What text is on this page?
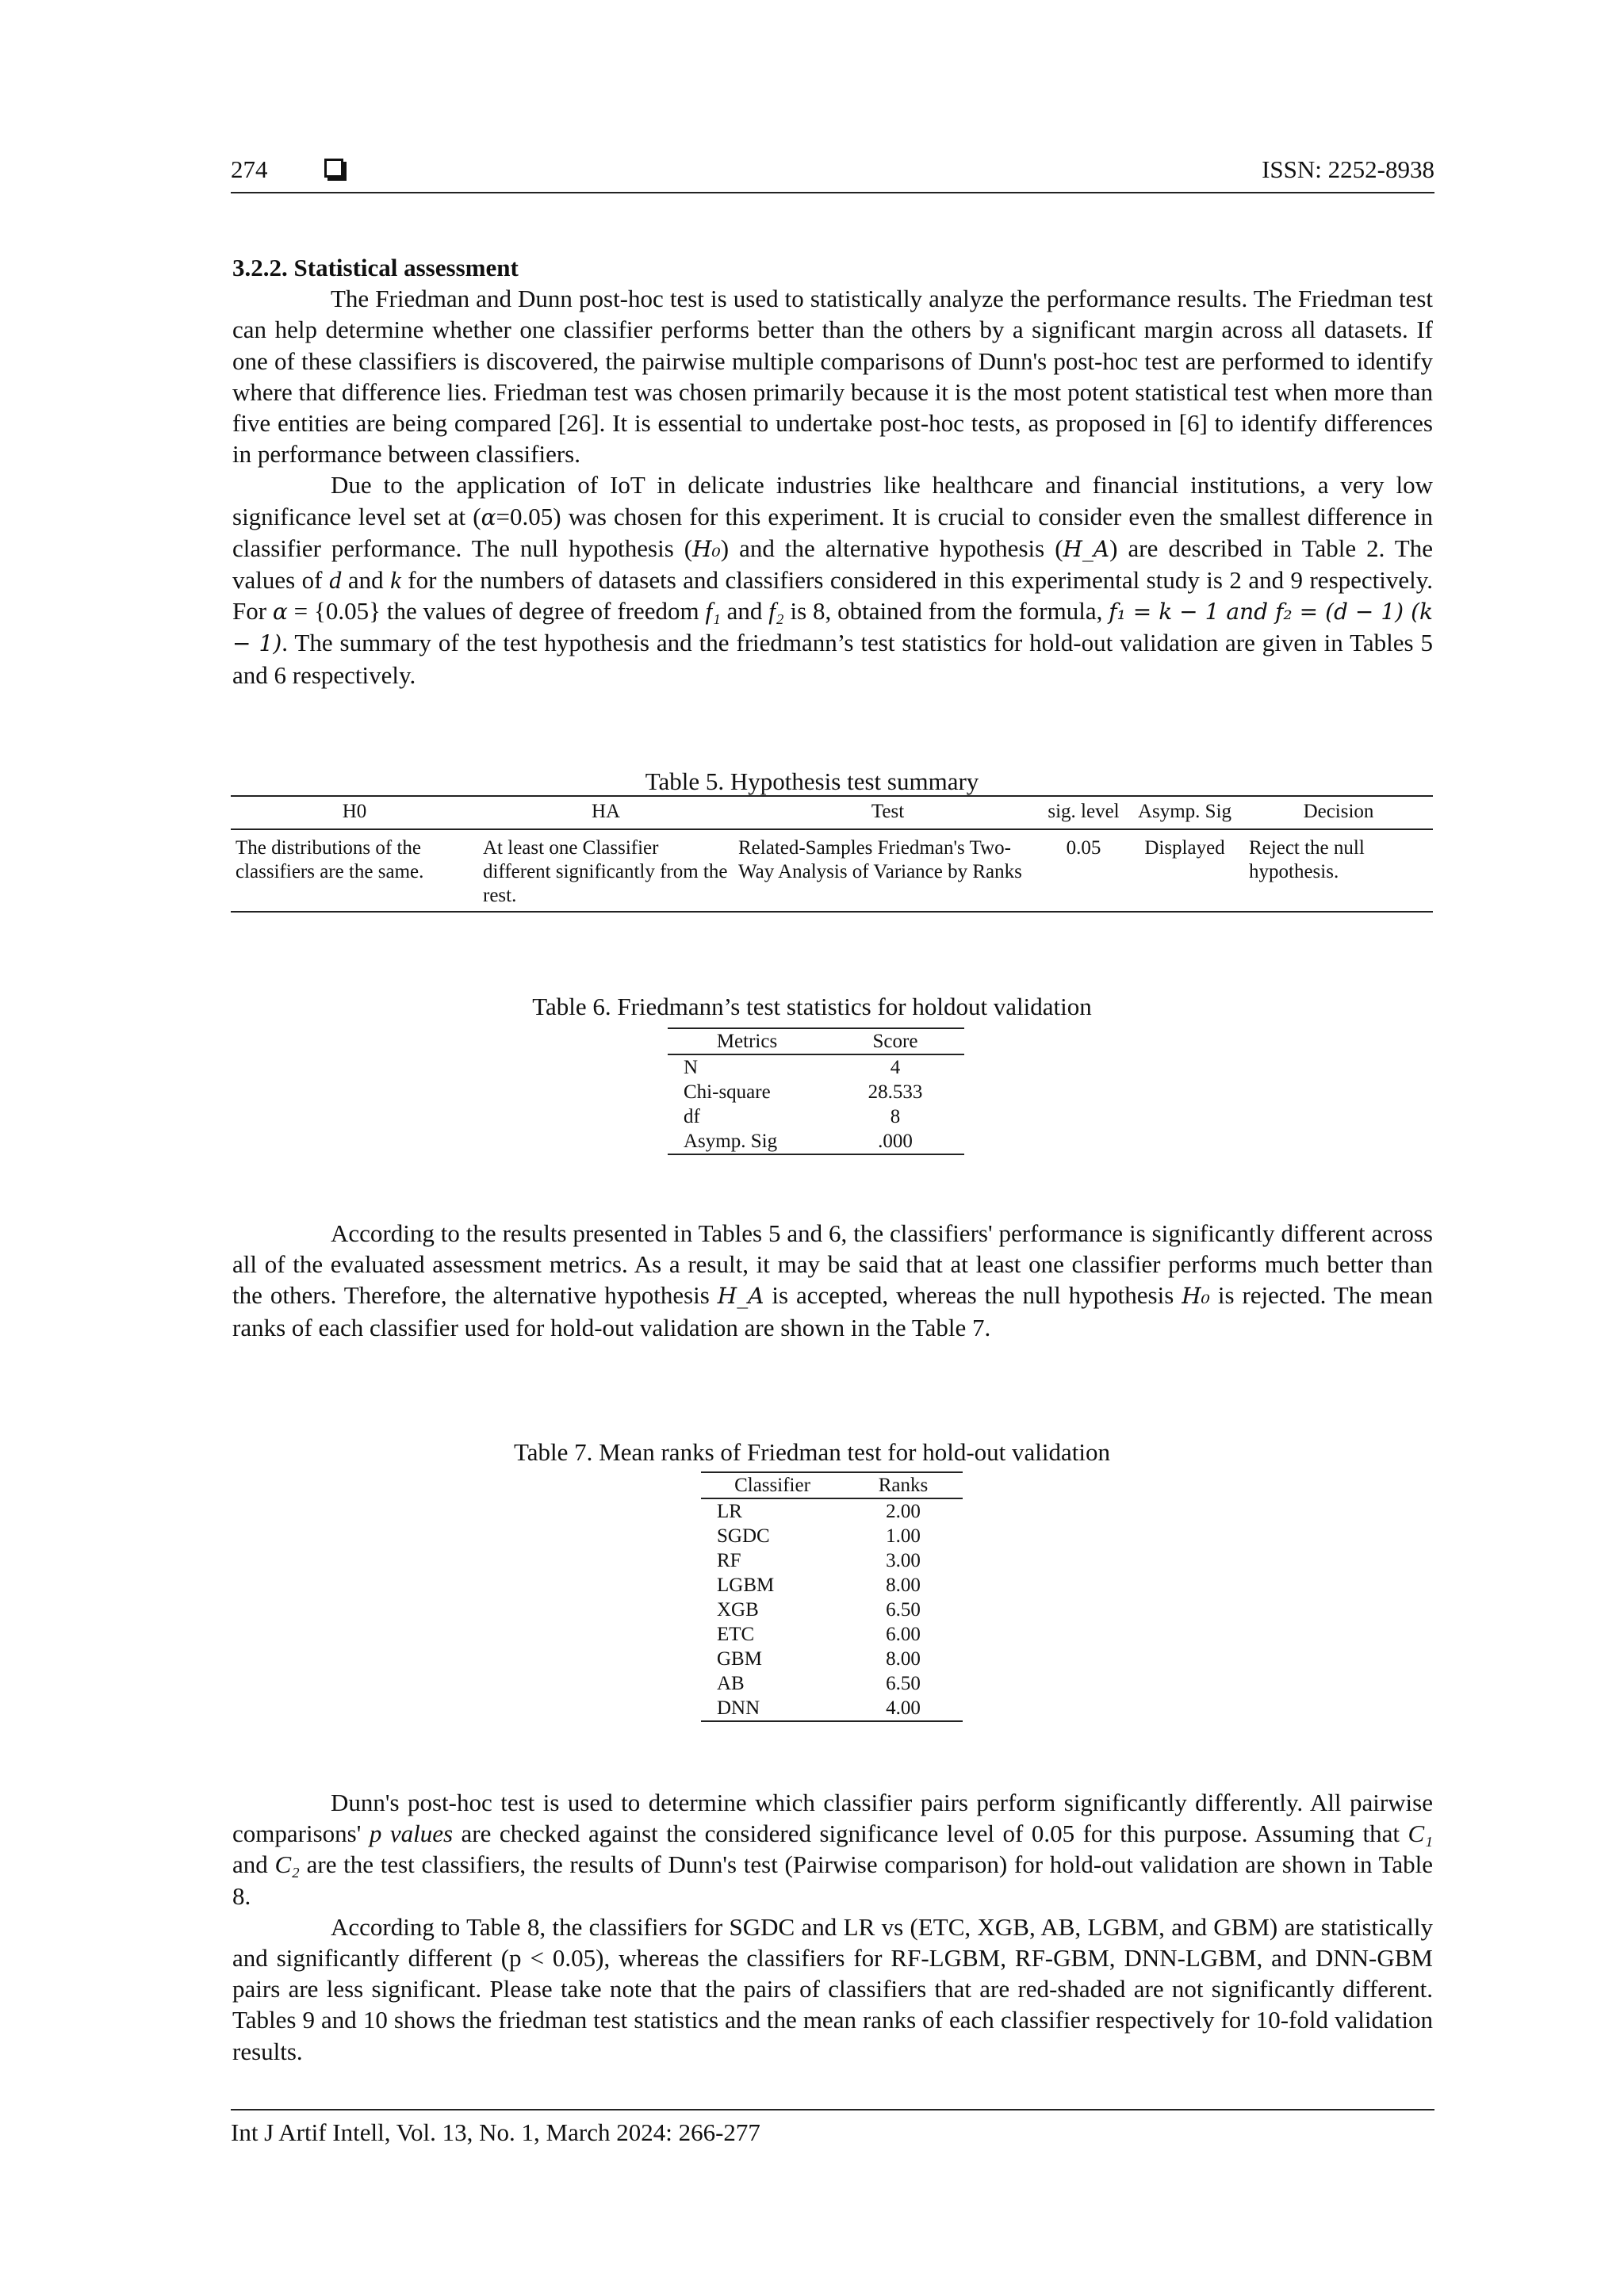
274	ISSN: 2252-8938

3.2.2. Statistical assessment

The Friedman and Dunn post-hoc test is used to statistically analyze the performance results. The Friedman test can help determine whether one classifier performs better than the others by a significant margin across all datasets. If one of these classifiers is discovered, the pairwise multiple comparisons of Dunn's post-hoc test are performed to identify where that difference lies. Friedman test was chosen primarily because it is the most potent statistical test when more than five entities are being compared [26]. It is essential to undertake post-hoc tests, as proposed in [6] to identify differences in performance between classifiers.

Due to the application of IoT in delicate industries like healthcare and financial institutions, a very low significance level set at (α=0.05) was chosen for this experiment. It is crucial to consider even the smallest difference in classifier performance. The null hypothesis (H₀) and the alternative hypothesis (H_A) are described in Table 2. The values of d and k for the numbers of datasets and classifiers considered in this experimental study is 2 and 9 respectively. For α = {0.05} the values of degree of freedom f₁ and f₂ is 8, obtained from the formula, f₁ = k − 1 and f₂ = (d − 1) (k − 1). The summary of the test hypothesis and the friedmann’s test statistics for hold-out validation are given in Tables 5 and 6 respectively.

Table 5. Hypothesis test summary
H0	HA	Test	sig. level	Asymp. Sig	Decision
The distributions of the classifiers are the same.	At least one Classifier different significantly from the rest.	Related-Samples Friedman's Two-Way Analysis of Variance by Ranks	0.05	Displayed	Reject the null hypothesis.
Table 6. Friedmann’s test statistics for holdout validation
Metrics	Score
N	4
Chi-square	28.533
df	8
Asymp. Sig	.000

According to the results presented in Tables 5 and 6, the classifiers' performance is significantly different across all of the evaluated assessment metrics. As a result, it may be said that at least one classifier performs much better than the others. Therefore, the alternative hypothesis H_A is accepted, whereas the null hypothesis H₀ is rejected. The mean ranks of each classifier used for hold-out validation are shown in the Table 7.

Table 7. Mean ranks of Friedman test for hold-out validation
Classifier	Ranks
LR	2.00
SGDC	1.00
RF	3.00
LGBM	8.00
XGB	6.50
ETC	6.00
GBM	8.00
AB	6.50
DNN	4.00

Dunn's post-hoc test is used to determine which classifier pairs perform significantly differently. All pairwise comparisons' p values are checked against the considered significance level of 0.05 for this purpose. Assuming that C₁ and C₂ are the test classifiers, the results of Dunn's test (Pairwise comparison) for hold-out validation are shown in Table 8.

According to Table 8, the classifiers for SGDC and LR vs (ETC, XGB, AB, LGBM, and GBM) are statistically and significantly different (p < 0.05), whereas the classifiers for RF-LGBM, RF-GBM, DNN-LGBM, and DNN-GBM pairs are less significant. Please take note that the pairs of classifiers that are red-shaded are not significantly different. Tables 9 and 10 shows the friedman test statistics and the mean ranks of each classifier respectively for 10-fold validation results.

Int J Artif Intell, Vol. 13, No. 1, March 2024: 266-277
